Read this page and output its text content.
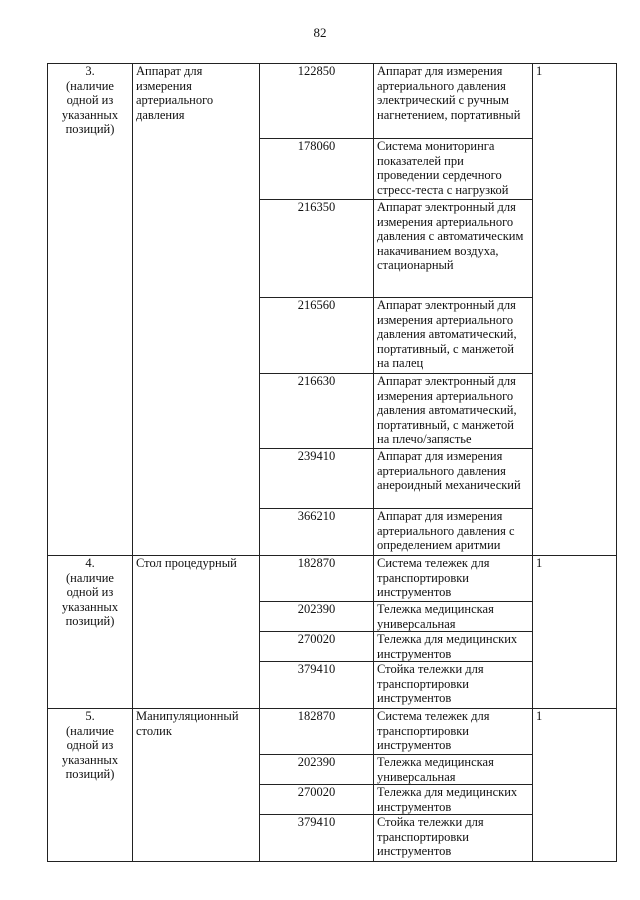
82
3.
(наличие
одной из
указанных
позиций)	Аппарат для измерения артериального давления	122850	Аппарат для измерения артериального давления электрический с ручным нагнетением, портативный	1
		178060	Система мониторинга показателей при проведении сердечного стресс-теста с нагрузкой	
		216350	Аппарат электронный для измерения артериального давления с автоматическим накачиванием воздуха, стационарный	
		216560	Аппарат электронный для измерения артериального давления автоматический, портативный, с манжетой на палец	
		216630	Аппарат электронный для измерения артериального давления автоматический, портативный, с манжетой на плечо/запястье	
		239410	Аппарат для измерения артериального давления анероидный механический	
		366210	Аппарат для измерения артериального давления с определением аритмии	

4.
(наличие
одной из
указанных
позиций)	Стол процедурный	182870	Система тележек для транспортировки инструментов	1
		202390	Тележка медицинская универсальная	
		270020	Тележка для медицинских инструментов	
		379410	Стойка тележки для транспортировки инструментов	

5.
(наличие
одной из
указанных
позиций)	Манипуляционный столик	182870	Система тележек для транспортировки инструментов	1
		202390	Тележка медицинская универсальная	
		270020	Тележка для медицинских инструментов	
		379410	Стойка тележки для транспортировки инструментов	
